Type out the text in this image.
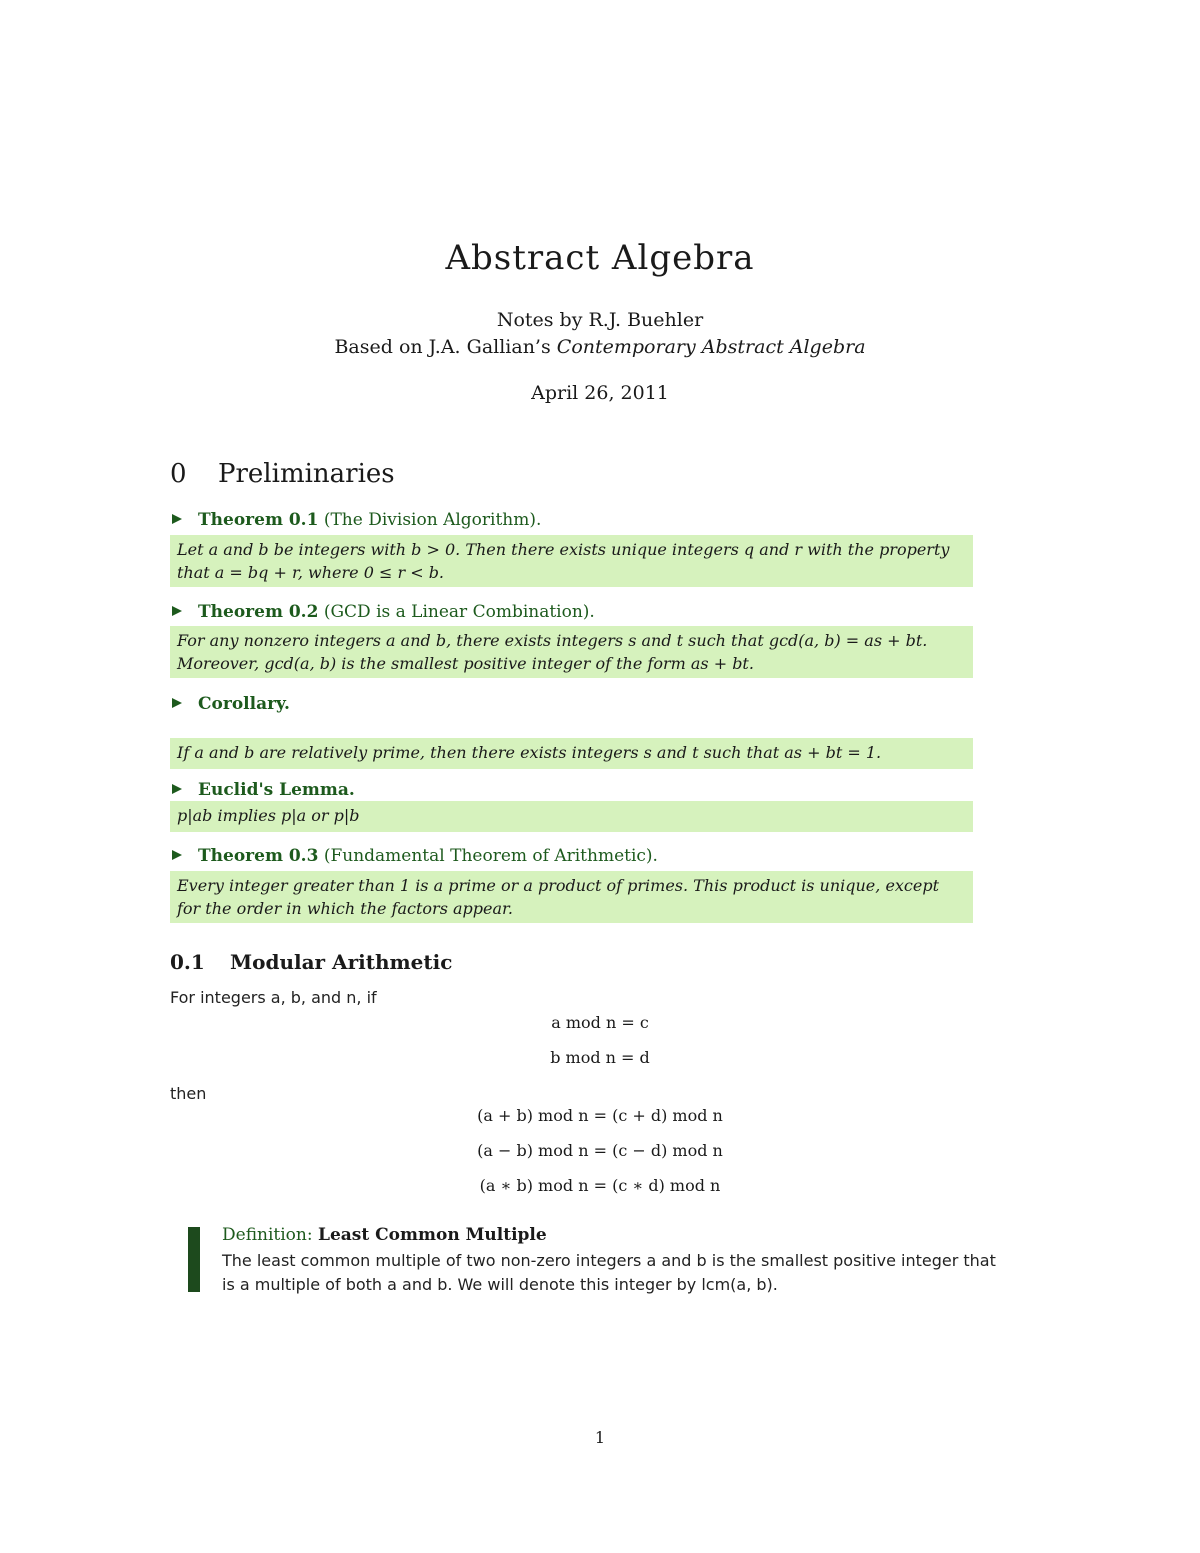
Abstract Algebra
Notes by R.J. Buehler
Based on J.A. Gallian’s Contemporary Abstract Algebra
April 26, 2011
0 Preliminaries
Theorem 0.1 (The Division Algorithm).
Let a and b be integers with b > 0. Then there exists unique integers q and r with the property
that a = bq + r, where 0 ≤ r < b.
Theorem 0.2 (GCD is a Linear Combination).
For any nonzero integers a and b, there exists integers s and t such that gcd(a, b) = as + bt.
Moreover, gcd(a, b) is the smallest positive integer of the form as + bt.
Corollary.
If a and b are relatively prime, then there exists integers s and t such that as + bt = 1.
Euclid's Lemma.
p|ab implies p|a or p|b
Theorem 0.3 (Fundamental Theorem of Arithmetic).
Every integer greater than 1 is a prime or a product of primes. This product is unique, except
for the order in which the factors appear.
0.1 Modular Arithmetic
For integers a, b, and n, if
a mod n = c
b mod n = d
then
(a + b) mod n = (c + d) mod n
(a − b) mod n = (c − d) mod n
(a ∗ b) mod n = (c ∗ d) mod n
Definition: Least Common Multiple
The least common multiple of two non-zero integers a and b is the smallest positive integer that
is a multiple of both a and b. We will denote this integer by lcm(a, b).
1
